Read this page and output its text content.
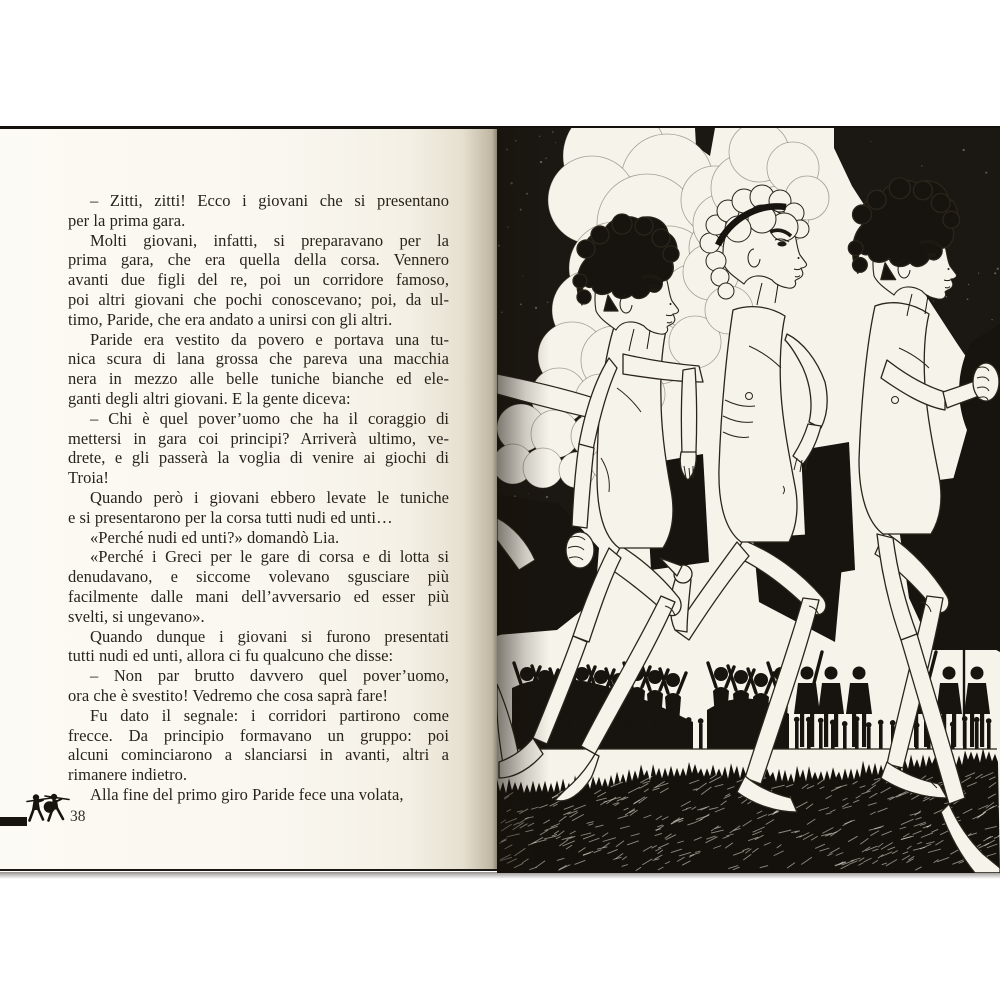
– Zitti, zitti! Ecco i giovani che si presentano
per la prima gara.
Molti giovani, infatti, si preparavano per la
prima gara, che era quella della corsa. Vennero
avanti due figli del re, poi un corridore famoso,
poi altri giovani che pochi conoscevano; poi, da ul-
timo, Paride, che era andato a unirsi con gli altri.
Paride era vestito da povero e portava una tu-
nica scura di lana grossa che pareva una macchia
nera in mezzo alle belle tuniche bianche ed ele-
ganti degli altri giovani. E la gente diceva:
– Chi è quel pover’uomo che ha il coraggio di
mettersi in gara coi principi? Arriverà ultimo, ve-
drete, e gli passerà la voglia di venire ai giochi di
Troia!
Quando però i giovani ebbero levate le tuniche
e si presentarono per la corsa tutti nudi ed unti…
«Perché nudi ed unti?» domandò Lia.
«Perché i Greci per le gare di corsa e di lotta si
denudavano, e siccome volevano sgusciare più
facilmente dalle mani dell’avversario ed esser più
svelti, si ungevano».
Quando dunque i giovani si furono presentati
tutti nudi ed unti, allora ci fu qualcuno che disse:
– Non par brutto davvero quel pover’uomo,
ora che è svestito! Vedremo che cosa saprà fare!
Fu dato il segnale: i corridori partirono come
frecce. Da principio formavano un gruppo: poi
alcuni cominciarono a slanciarsi in avanti, altri a
rimanere indietro.
Alla fine del primo giro Paride fece una volata,
38
